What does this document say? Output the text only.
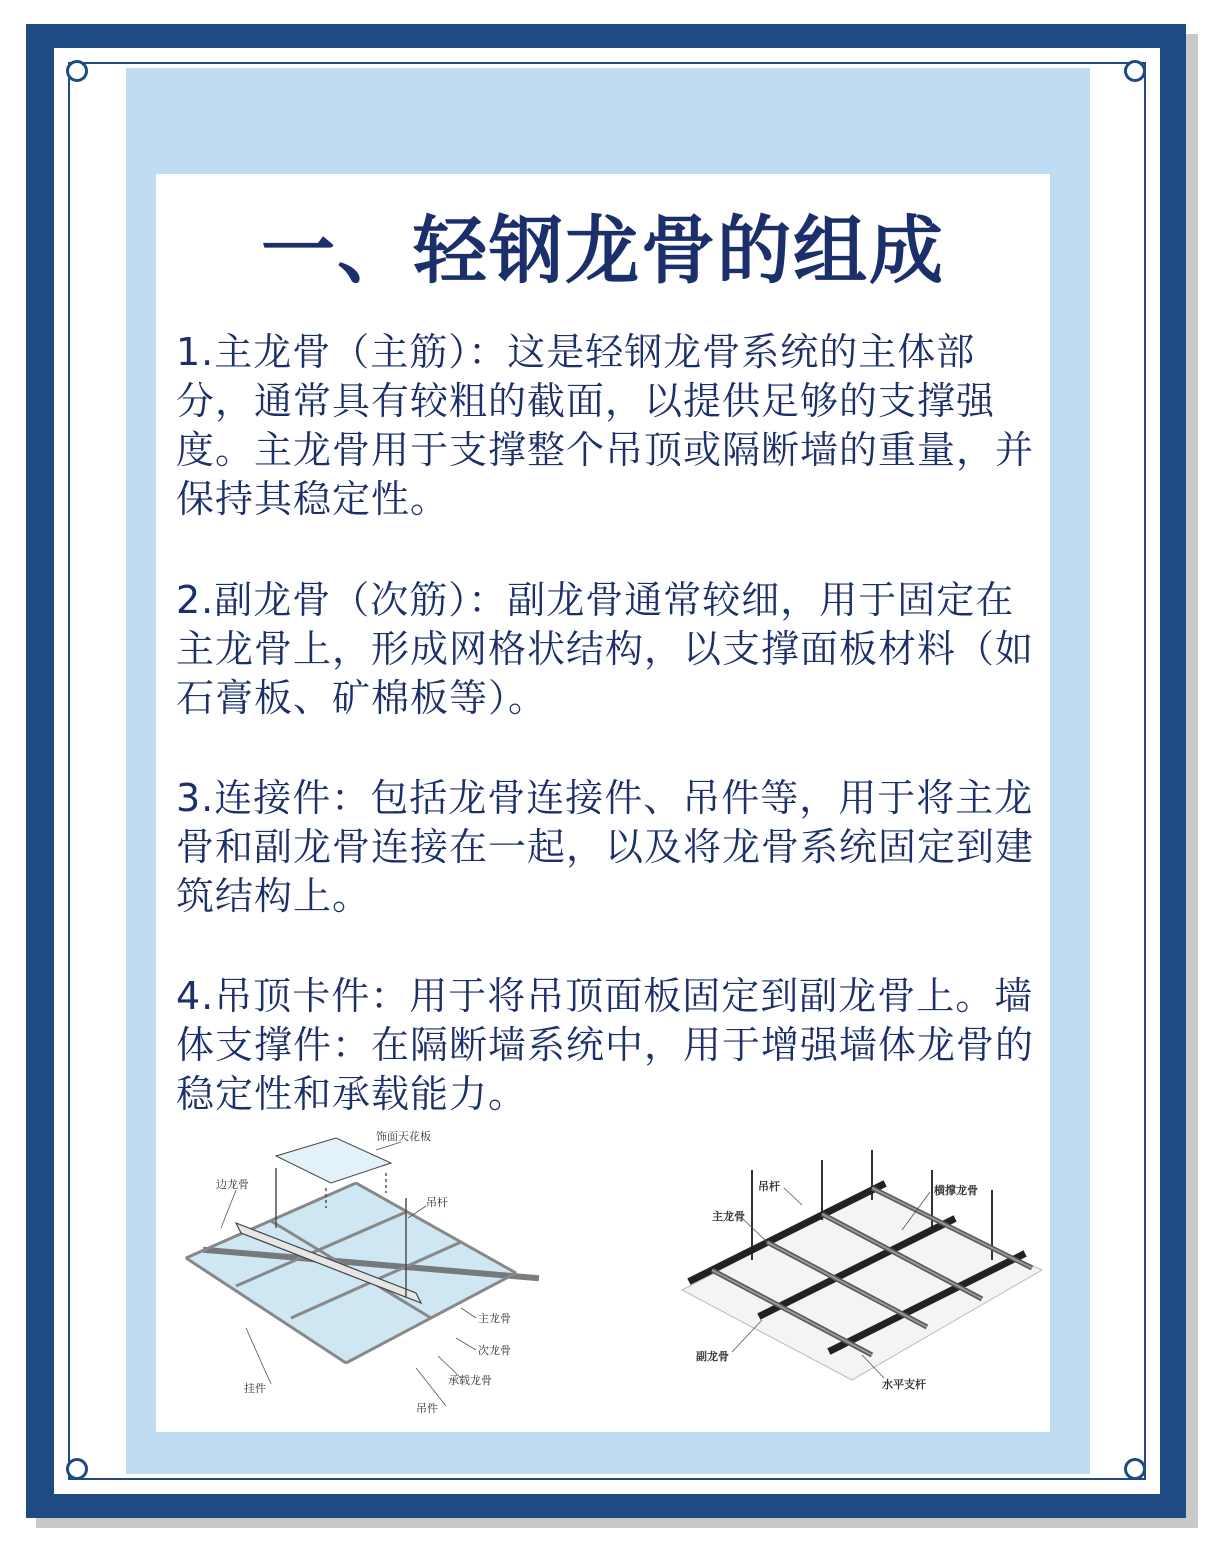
一、轻钢龙骨的组成

1.主龙骨（主筋）：这是轻钢龙骨系统的主体部分，通常具有较粗的截面，以提供足够的支撑强度。主龙骨用于支撑整个吊顶或隔断墙的重量，并保持其稳定性。

2.副龙骨（次筋）：副龙骨通常较细，用于固定在主龙骨上，形成网格状结构，以支撑面板材料（如石膏板、矿棉板等）。

3.连接件：包括龙骨连接件、吊件等，用于将主龙骨和副龙骨连接在一起，以及将龙骨系统固定到建筑结构上。

4.吊顶卡件：用于将吊顶面板固定到副龙骨上。墙体支撑件：在隔断墙系统中，用于增强墙体龙骨的稳定性和承载能力。

饰面天花板
边龙骨
吊杆
主龙骨
次龙骨
承载龙骨
吊件
挂件
吊杆
主龙骨
横撑龙骨
副龙骨
水平支杆
